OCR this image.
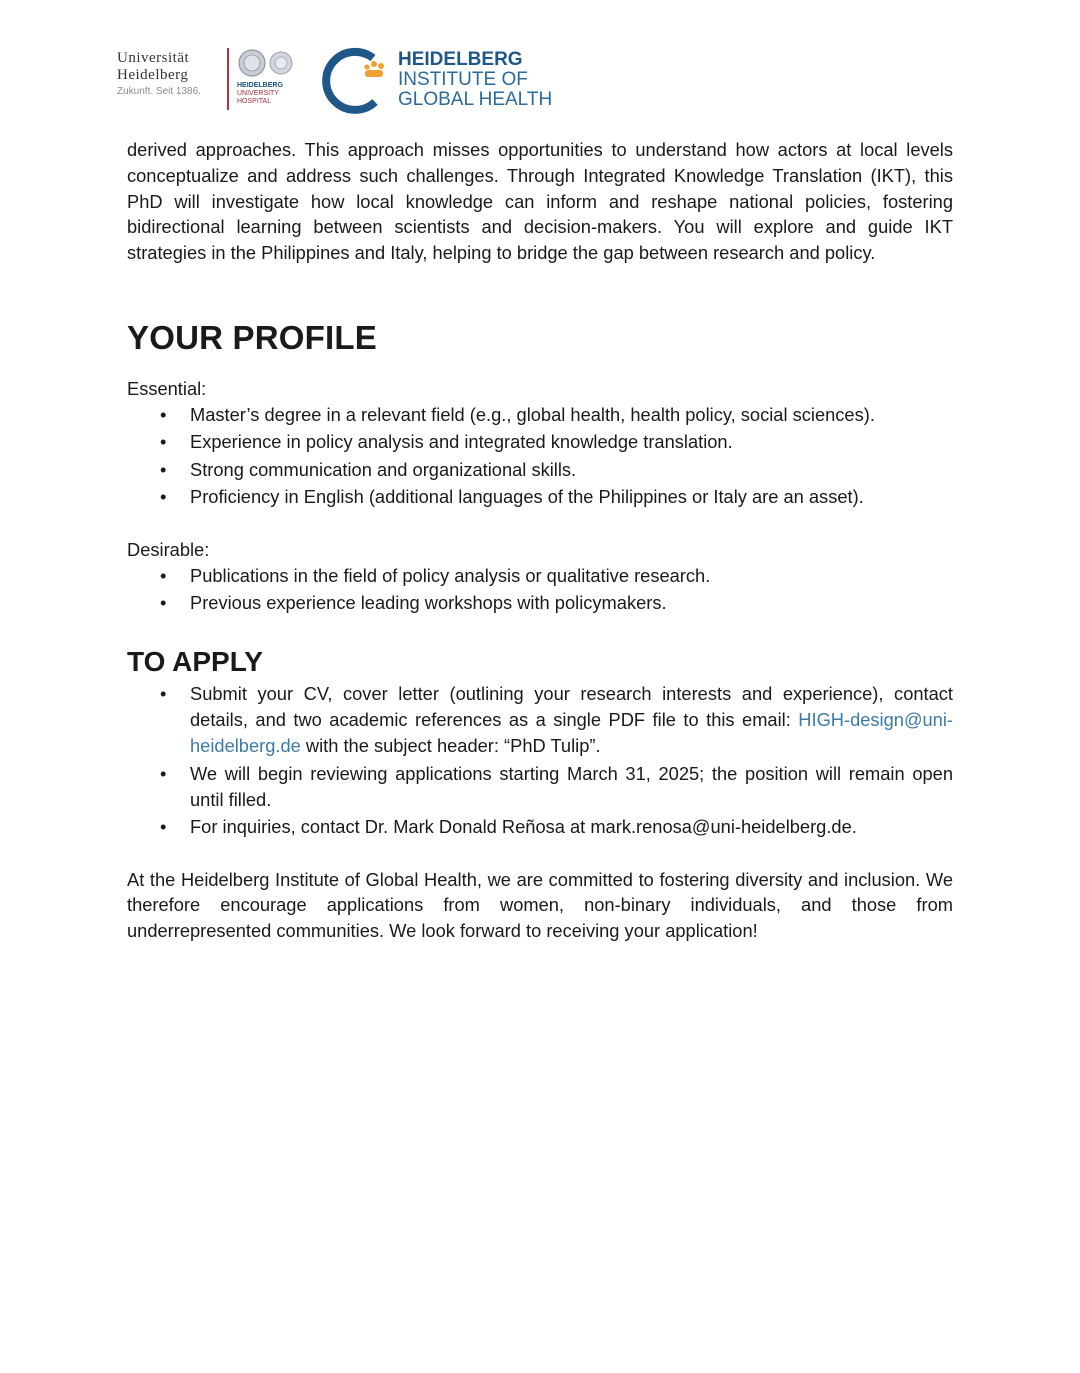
Universität
Heidelberg
Zukunft. Seit 1386.
HEIDELBERG
UNIVERSITY
HOSPITAL
HEIDELBERG
INSTITUTE OF
GLOBAL HEALTH

derived approaches. This approach misses opportunities to understand how actors at local levels conceptualize and address such challenges. Through Integrated Knowledge Translation (IKT), this PhD will investigate how local knowledge can inform and reshape national policies, fostering bidirectional learning between scientists and decision-makers. You will explore and guide IKT strategies in the Philippines and Italy, helping to bridge the gap between research and policy.

YOUR PROFILE

Essential:

• Master’s degree in a relevant field (e.g., global health, health policy, social sciences).
• Experience in policy analysis and integrated knowledge translation.
• Strong communication and organizational skills.
• Proficiency in English (additional languages of the Philippines or Italy are an asset).

Desirable:

• Publications in the field of policy analysis or qualitative research.
• Previous experience leading workshops with policymakers.
TO APPLY
• Submit your CV, cover letter (outlining your research interests and experience), contact details, and two academic references as a single PDF file to this email: HIGH-design@uni-heidelberg.de with the subject header: “PhD Tulip”.
• We will begin reviewing applications starting March 31, 2025; the position will remain open until filled.
• For inquiries, contact Dr. Mark Donald Reñosa at mark.renosa@uni-heidelberg.de.

At the Heidelberg Institute of Global Health, we are committed to fostering diversity and inclusion. We therefore encourage applications from women, non-binary individuals, and those from underrepresented communities. We look forward to receiving your application!
